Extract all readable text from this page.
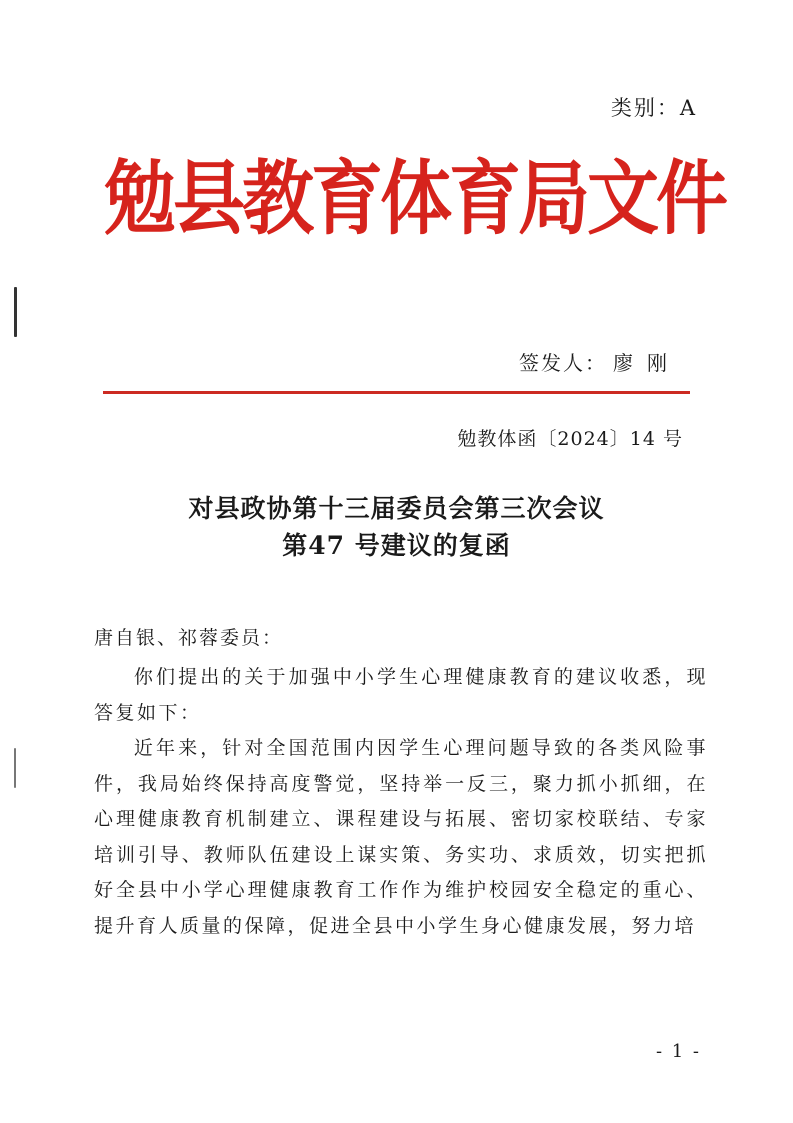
类别：A
勉县教育体育局文件
签发人： 廖刚
勉教体函〔2024〕14 号
对县政协第十三届委员会第三次会议
第47 号建议的复函
唐自银、祁蓉委员：

你们提出的关于加强中小学生心理健康教育的建议收悉，现答复如下：

近年来，针对全国范围内因学生心理问题导致的各类风险事件，我局始终保持高度警觉，坚持举一反三，聚力抓小抓细，在心理健康教育机制建立、课程建设与拓展、密切家校联结、专家培训引导、教师队伍建设上谋实策、务实功、求质效，切实把抓好全县中小学心理健康教育工作作为维护校园安全稳定的重心、提升育人质量的保障，促进全县中小学生身心健康发展，努力培

- 1 -
